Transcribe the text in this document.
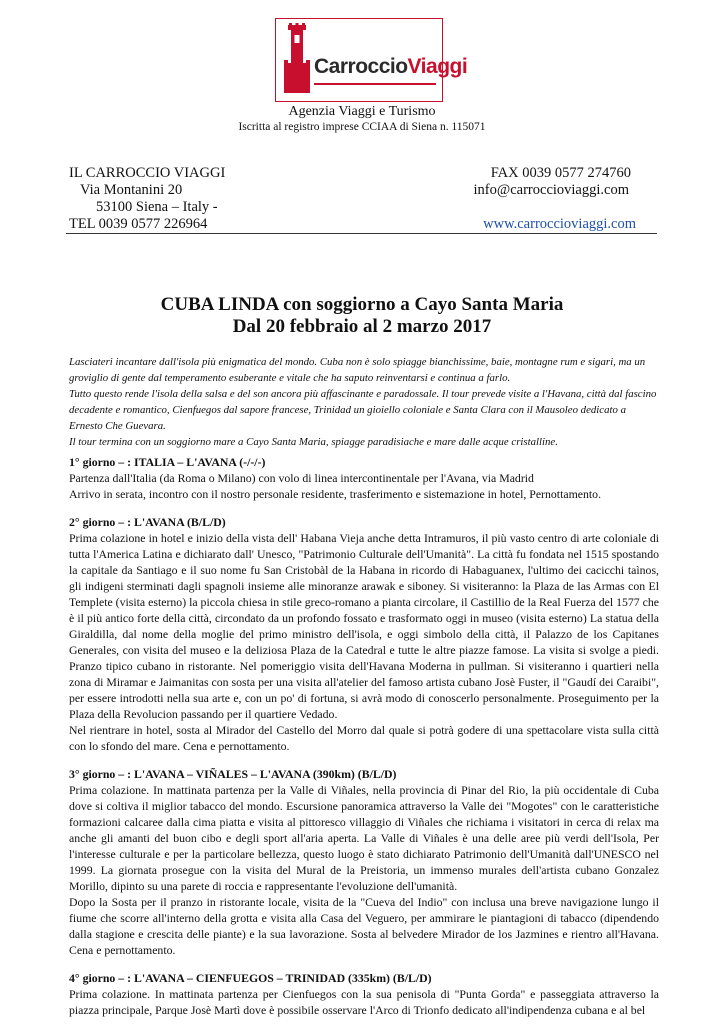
CarroccioViaggi
Agenzia Viaggi e Turismo
Iscritta al registro imprese CCIAA di Siena n. 115071
IL CARROCCIO VIAGGI
Via Montanini 20
53100 Siena – Italy -
TEL 0039 0577 226964
FAX 0039 0577 274760
info@carroccioviaggi.com
www.carroccioviaggi.com
CUBA LINDA con soggiorno a Cayo Santa Maria
Dal 20 febbraio al 2 marzo 2017

Lasciateri incantare dall'isola più enigmatica del mondo. Cuba non è solo spiagge bianchissime, baie, montagne rum e sigari, ma un groviglio di gente dal temperamento esuberante e vitale che ha saputo reinventarsi e continua a farlo.

Tutto questo rende l'isola della salsa e del son ancora più affascinante e paradossale. Il tour prevede visite a l'Havana, città dal fascino decadente e romantico, Cienfuegos dal sapore francese, Trinidad un gioiello coloniale e Santa Clara con il Mausoleo dedicato a Ernesto Che Guevara.

Il tour termina con un soggiorno mare a Cayo Santa Maria, spiagge paradisiache e mare dalle acque cristalline.

1° giorno – : ITALIA – L'AVANA (-/-/-)

Partenza dall'Italia (da Roma o Milano) con volo di linea intercontinentale per l'Avana, via Madrid
Arrivo in serata, incontro con il nostro personale residente, trasferimento e sistemazione in hotel, Pernottamento.

2° giorno – : L'AVANA (B/L/D)

Prima colazione in hotel e inizio della vista dell' Habana Vieja anche detta Intramuros, il più vasto centro di arte coloniale di tutta l'America Latina e dichiarato dall' Unesco, "Patrimonio Culturale dell'Umanità". La città fu fondata nel 1515 spostando la capitale da Santiago e il suo nome fu San Cristobàl de la Habana in ricordo di Habaguanex, l'ultimo dei cacicchi taìnos, gli indigeni sterminati dagli spagnoli insieme alle minoranze arawak e siboney. Si visiteranno: la Plaza de las Armas con El Templete (visita esterno) la piccola chiesa in stile greco-romano a pianta circolare, il Castillio de la Real Fuerza del 1577 che è il più antico forte della città, circondato da un profondo fossato e trasformato oggi in museo (visita esterno) La statua della Giraldilla, dal nome della moglie del primo ministro dell'isola, e oggi simbolo della città, il Palazzo de los Capitanes Generales, con visita del museo e la deliziosa Plaza de la Catedral e tutte le altre piazze famose. La visita si svolge a piedi. Pranzo tipico cubano in ristorante. Nel pomeriggio visita dell'Havana Moderna in pullman. Si visiteranno i quartieri nella zona di Miramar e Jaimanitas con sosta per una visita all'atelier del famoso artista cubano Josè Fuster, il "Gaudí dei Caraibi", per essere introdotti nella sua arte e, con un po' di fortuna, si avrà modo di conoscerlo personalmente. Proseguimento per la Plaza della Revolucion passando per il quartiere Vedado.
Nel rientrare in hotel, sosta al Mirador del Castello del Morro dal quale si potrà godere di una spettacolare vista sulla città con lo sfondo del mare. Cena e pernottamento.

3° giorno – : L'AVANA – VIÑALES – L'AVANA (390km) (B/L/D)

Prima colazione. In mattinata partenza per la Valle di Viñales, nella provincia di Pinar del Rio, la più occidentale di Cuba dove si coltiva il miglior tabacco del mondo. Escursione panoramica attraverso la Valle dei "Mogotes" con le caratteristiche formazioni calcaree dalla cima piatta e visita al pittoresco villaggio di Viñales che richiama i visitatori in cerca di relax ma anche gli amanti del buon cibo e degli sport all'aria aperta. La Valle di Viñales è una delle aree più verdi dell'Isola, Per l'interesse culturale e per la particolare bellezza, questo luogo è stato dichiarato Patrimonio dell'Umanità dall'UNESCO nel 1999. La giornata prosegue con la visita del Mural de la Preistoria, un immenso murales dell'artista cubano Gonzalez Morillo, dipinto su una parete di roccia e rappresentante l'evoluzione dell'umanità.
Dopo la Sosta per il pranzo in ristorante locale, visita de la "Cueva del Indio" con inclusa una breve navigazione lungo il fiume che scorre all'interno della grotta e visita alla Casa del Veguero, per ammirare le piantagioni di tabacco (dipendendo dalla stagione e crescita delle piante) e la sua lavorazione. Sosta al belvedere Mirador de los Jazmines e rientro all'Havana. Cena e pernottamento.

4° giorno – : L'AVANA – CIENFUEGOS – TRINIDAD (335km) (B/L/D)

Prima colazione. In mattinata partenza per Cienfuegos con la sua penisola di "Punta Gorda" e passeggiata attraverso la piazza principale, Parque Josè Martì dove è possibile osservare l'Arco di Trionfo dedicato all'indipendenza cubana e al bel
